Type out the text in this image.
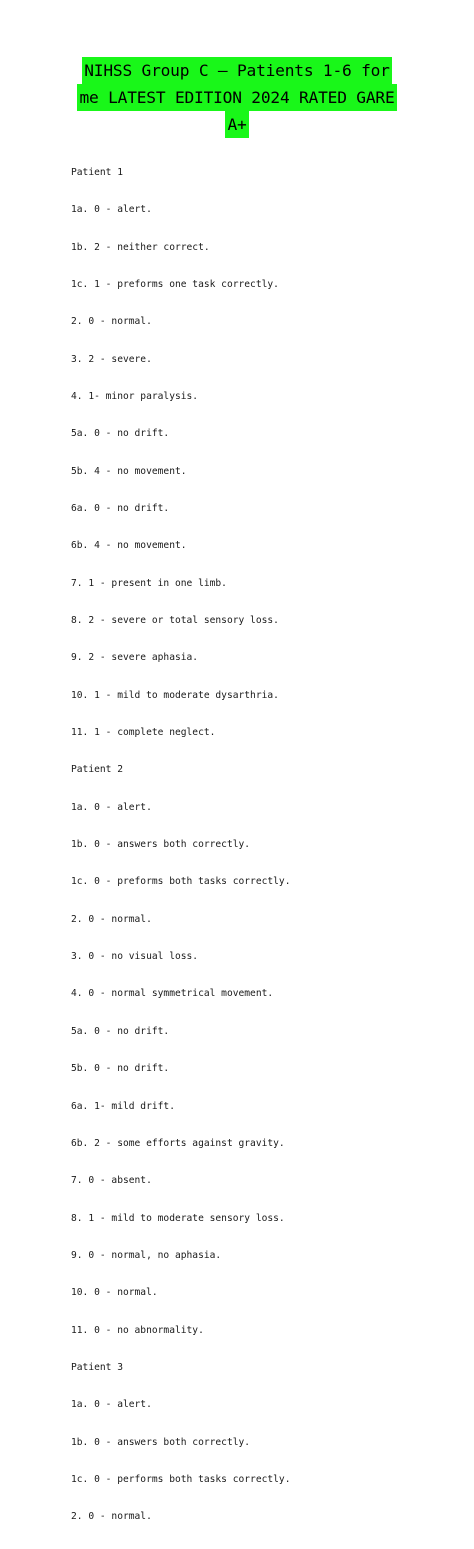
NIHSS Group C – Patients 1-6 for
me LATEST EDITION 2024 RATED GARE
A+

Patient 1

1a. 0 - alert.

1b. 2 - neither correct.

1c. 1 - preforms one task correctly.

2. 0 - normal.

3. 2 - severe.

4. 1- minor paralysis.

5a. 0 - no drift.

5b. 4 - no movement.

6a. 0 - no drift.

6b. 4 - no movement.

7. 1 - present in one limb.

8. 2 - severe or total sensory loss.

9. 2 - severe aphasia.

10. 1 - mild to moderate dysarthria.

11. 1 - complete neglect.

Patient 2

1a. 0 - alert.

1b. 0 - answers both correctly.

1c. 0 - preforms both tasks correctly.

2. 0 - normal.

3. 0 - no visual loss.

4. 0 - normal symmetrical movement.

5a. 0 - no drift.

5b. 0 - no drift.

6a. 1- mild drift.

6b. 2 - some efforts against gravity.

7. 0 - absent.

8. 1 - mild to moderate sensory loss.

9. 0 - normal, no aphasia.

10. 0 - normal.

11. 0 - no abnormality.

Patient 3

1a. 0 - alert.

1b. 0 - answers both correctly.

1c. 0 - performs both tasks correctly.

2. 0 - normal.
